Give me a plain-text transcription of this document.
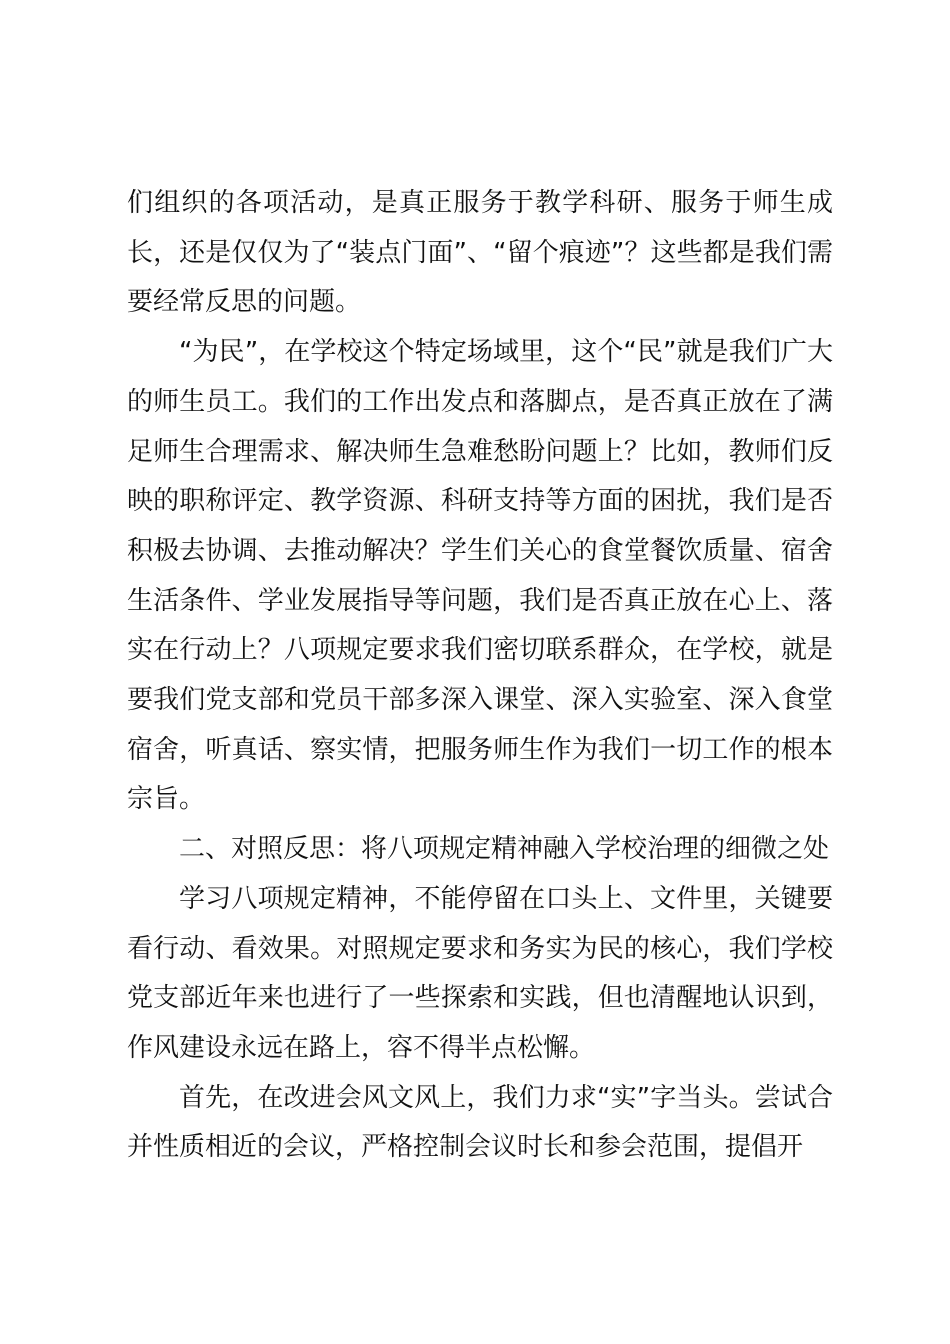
们组织的各项活动，是真正服务于教学科研、服务于师生成长，还是仅仅为了“装点门面”、“留个痕迹”？这些都是我们需要经常反思的问题。

“为民”，在学校这个特定场域里，这个“民”就是我们广大的师生员工。我们的工作出发点和落脚点，是否真正放在了满足师生合理需求、解决师生急难愁盼问题上？比如，教师们反映的职称评定、教学资源、科研支持等方面的困扰，我们是否积极去协调、去推动解决？学生们关心的食堂餐饮质量、宿舍生活条件、学业发展指导等问题，我们是否真正放在心上、落实在行动上？八项规定要求我们密切联系群众，在学校，就是要我们党支部和党员干部多深入课堂、深入实验室、深入食堂宿舍，听真话、察实情，把服务师生作为我们一切工作的根本宗旨。

二、对照反思：将八项规定精神融入学校治理的细微之处

学习八项规定精神，不能停留在口头上、文件里，关键要看行动、看效果。对照规定要求和务实为民的核心，我们学校党支部近年来也进行了一些探索和实践，但也清醒地认识到，作风建设永远在路上，容不得半点松懈。

首先，在改进会风文风上，我们力求“实”字当头。尝试合并性质相近的会议，严格控制会议时长和参会范围，提倡开
